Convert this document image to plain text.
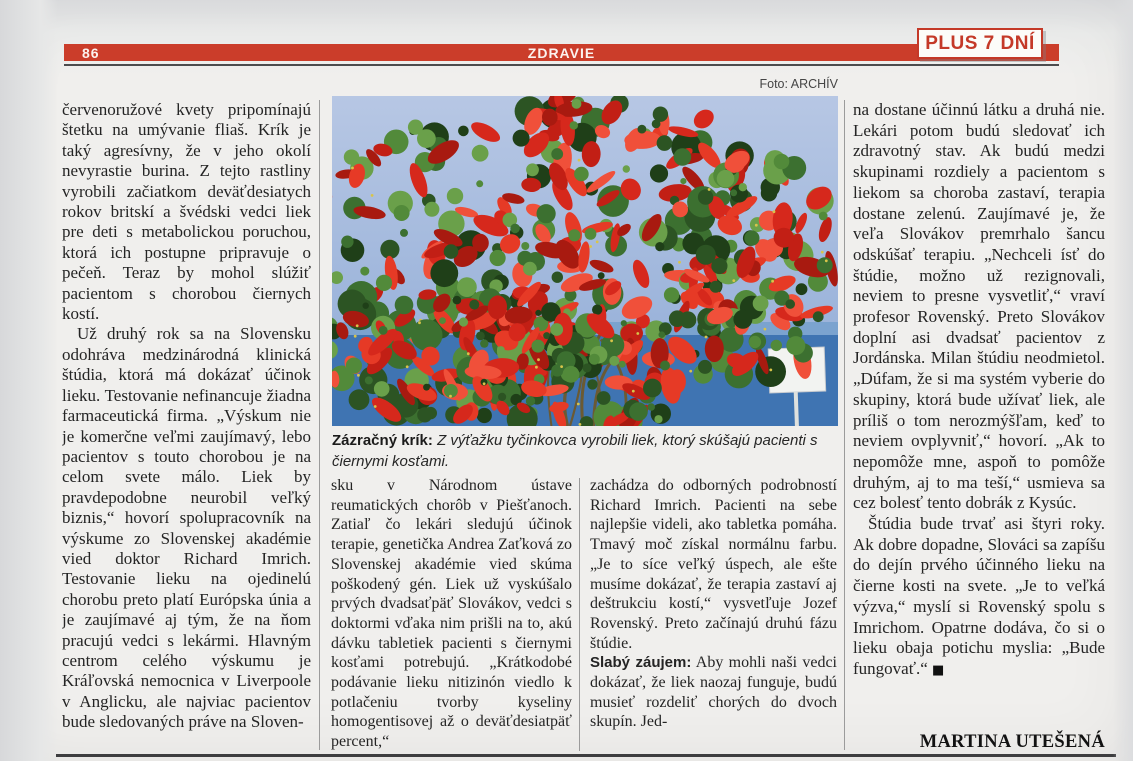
86	ZDRAVIE	PLUS 7 DNÍ
Foto: ARCHÍV
Zázračný krík: Z výťažku tyčinkovca vyrobili liek, ktorý skúšajú pacienti s čiernymi kosťami.

červenoružové kvety pripomínajú štetku na umývanie fliaš. Krík je taký agresívny, že v jeho okolí nevyrastie burina. Z tejto rastliny vyrobili začiatkom deväťdesiatych rokov britskí a švédski vedci liek pre deti s metabolickou poruchou, ktorá ich postupne pripravuje o pečeň. Teraz by mohol slúžiť pacientom s chorobou čiernych kostí.

Už druhý rok sa na Slovensku odohráva medzinárodná klinická štúdia, ktorá má dokázať účinok lieku. Testovanie nefinancuje žiadna farmaceutická firma. „Výskum nie je komerčne veľmi zaujímavý, lebo pacientov s touto chorobou je na celom svete málo. Liek by pravdepodobne neurobil veľký biznis,“ hovorí spolupracovník na výskume zo Slovenskej akadémie vied doktor Richard Imrich. Testovanie lieku na ojedinelú chorobu preto platí Európska únia a je zaujímavé aj tým, že na ňom pracujú vedci s lekármi. Hlavným centrom celého výskumu je Kráľovská nemocnica v Liverpoole v Anglicku, ale najviac pacientov bude sledovaných práve na Sloven-

sku v Národnom ústave reumatických chorôb v Piešťanoch. Zatiaľ čo lekári sledujú účinok terapie, genetička Andrea Zaťková zo Slovenskej akadémie vied skúma poškodený gén. Liek už vyskúšalo prvých dvadsaťpäť Slovákov, vedci s doktormi vďaka nim prišli na to, akú dávku tabletiek pacienti s čiernymi kosťami potrebujú. „Krátkodobé podávanie lieku nitizinón viedlo k potlačeniu tvorby kyseliny homogentisovej až o deväťdesiatpäť percent,“

zachádza do odborných podrobností Richard Imrich. Pacienti na sebe najlepšie videli, ako tabletka pomáha. Tmavý moč získal normálnu farbu. „Je to síce veľký úspech, ale ešte musíme dokázať, že terapia zastaví aj deštrukciu kostí,“ vysvetľuje Jozef Rovenský. Preto začínajú druhú fázu štúdie.

Slabý záujem: Aby mohli naši vedci dokázať, že liek naozaj funguje, budú musieť rozdeliť chorých do dvoch skupín. Jed-

na dostane účinnú látku a druhá nie. Lekári potom budú sledovať ich zdravotný stav. Ak budú medzi skupinami rozdiely a pacientom s liekom sa choroba zastaví, terapia dostane zelenú. Zaujímavé je, že veľa Slovákov premrhalo šancu odskúšať terapiu. „Nechceli ísť do štúdie, možno už rezignovali, neviem to presne vysvetliť,“ vraví profesor Rovenský. Preto Slovákov doplní asi dvadsať pacientov z Jordánska. Milan štúdiu neodmietol. „Dúfam, že si ma systém vyberie do skupiny, ktorá bude užívať liek, ale príliš o tom nerozmýšľam, keď to neviem ovplyvniť,“ hovorí. „Ak to nepomôže mne, aspoň to pomôže druhým, aj to ma teší,“ usmieva sa cez bolesť tento dobrák z Kysúc.

Štúdia bude trvať asi štyri roky. Ak dobre dopadne, Slováci sa zapíšu do dejín prvého účinného lieku na čierne kosti na svete. „Je to veľká výzva,“ myslí si Rovenský spolu s Imrichom. Opatrne dodáva, čo si o lieku obaja potichu myslia: „Bude fungovať.“ ■

MARTINA UTEŠENÁ
